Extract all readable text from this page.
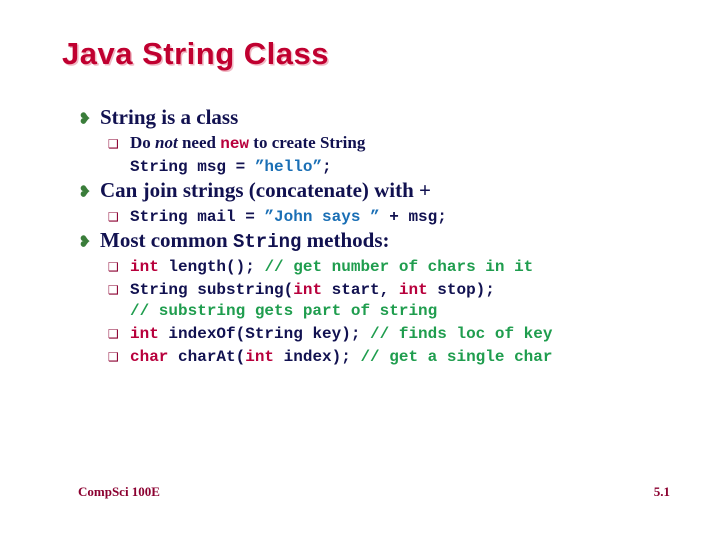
Java String Class
❥ String is a class
❑ Do not need new to create String
String msg = ”hello”;
❥ Can join strings (concatenate) with +
❑ String mail = ”John says ” + msg;
❥ Most common String methods:
❑ int length(); // get number of chars in it
❑ String substring(int start, int stop);
// substring gets part of string
❑ int indexOf(String key); // finds loc of key
❑ char charAt(int index); // get a single char
CompSci 100E	5.1
